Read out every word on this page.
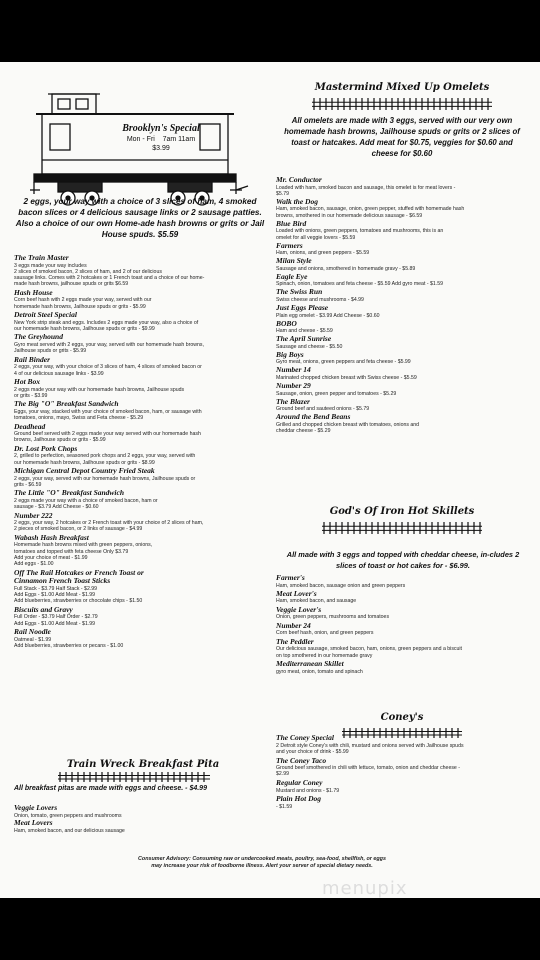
Brooklyn's Special
Mon - Fri    7am 11am
$3.99
2 eggs, your way with a choice of 3 slices of ham, 4 smoked bacon slices or 4 delicious sausage links or 2 sausage patties. Also a choice of our own Home-ade hash browns or grits or Jail House spuds. $5.59
The Train Master
3 eggs made your way includes
2 slices of smoked bacon, 2 slices of ham, and 2 of our delicious
sausage links. Comes with 2 hotcakes or 1 French toast and a choice of our home-
made hash browns, jailhouse spuds or grits $6.59
Hash House
Corn beef hash with 2 eggs made your way, served with our
homemade hash browns, Jailhouse spuds or grits - $5.99
Detroit Steel Special
New York strip steak and eggs. Includes 2 eggs made your way, also a choice of
our homemade hash browns, Jailhouse spuds or grits - $9.99
The Greyhound
Gyro meat served with 2 eggs, your way, served with our homemade hash browns,
Jailhouse spuds or grits - $5.99
Rail Binder
2 eggs, your way, with your choice of 3 slices of ham, 4 slices of smoked bacon or
4 of our delicious sausage links - $3.99
Hot Box
2 eggs made your way with our homemade hash browns, Jailhouse spuds
or grits - $3.99
The Big "O" Breakfast Sandwich
Eggs, your way, stacked with your choice of smoked bacon, ham, or sausage with
tomatoes, onions, mayo, Swiss and Feta cheese - $5.29
Deadhead
Ground beef served with 2 eggs made your way served with our homemade hash
browns, Jailhouse spuds or grits - $5.99
Dr. Lost Pork Chops
2, grilled to perfection, seasoned pork chops and 2 eggs, your way, served with
our homemade hash browns, Jailhouse spuds or grits - $8.99
Michigan Central Depot Country Fried Steak
2 eggs, your way, served with our homemade hash browns, Jailhouse spuds or
grits - $6.59
The Little "O" Breakfast Sandwich
2 eggs made your way with a choice of smoked bacon, ham or
sausage - $3.79 Add Cheese - $0.60
Number 222
2 eggs, your way, 2 hotcakes or 2 French toast with your choice of 2 slices of ham,
2 pieces of smoked bacon, or 2 links of sausage - $4.99
Wabash Hash Breakfast
Homemade hash browns mixed with green peppers, onions,
tomatoes and topped with feta cheese Only $3.79
Add your choice of meat - $1.99
Add eggs - $1.00
Off The Rail Hotcakes or French Toast or
Cinnamon French Toast Sticks
Full Stack - $3.79 Half Stack - $2.99
Add Eggs - $1.00 Add Meat - $1.99
Add blueberries, strawberries or chocolate chips - $1.50
Biscuits and Gravy
Full Order - $3.79 Half Order - $2.79
Add Eggs - $1.00 Add Meat - $1.99
Rail Noodle
Oatmeal - $1.99
Add blueberries, strawberries or pecans - $1.00
Train Wreck Breakfast Pita
All breakfast pitas are made with eggs and cheese. - $4.99
Veggie Lovers
Onion, tomato, green peppers and mushrooms
Meat Lovers
Ham, smoked bacon, and our delicious sausage
Mastermind Mixed Up Omelets
All omelets are made with 3 eggs, served with our very own homemade hash browns, Jailhouse spuds or grits or 2 slices of toast or hatcakes. Add meat for $0.75, veggies for $0.60 and cheese for $0.60
Mr. Conductor
Loaded with ham, smoked bacon and sausage, this omelet is for meat lovers -
$5.79
Walk the Dog
Ham, smoked bacon, sausage, onion, green pepper, stuffed with homemade hash
browns, smothered in our homemade delicious sausage - $6.59
Blue Bird
Loaded with onions, green peppers, tomatoes and mushrooms, this is an
omelet for all veggie lovers - $5.59
Farmers
Ham, onions, and green peppers - $5.59
Milan Style
Sausage and onions, smothered in homemade gravy - $5.89
Eagle Eye
Spinach, onion, tomatoes and feta cheese - $5.59 Add gyro meat - $1.59
The Swiss Run
Swiss cheese and mushrooms - $4.99
Just Eggs Please
Plain egg omelet - $3.99 Add Cheese - $0.60
BOBO
Ham and cheese - $5.59
The April Sunrise
Sausage and cheese - $5.50
Big Boys
Gyro meat, onions, green peppers and feta cheese - $5.99
Number 14
Marinated chopped chicken breast with Swiss cheese - $5.59
Number 29
Sausage, onion, green pepper and tomatoes - $5.29
The Blazer
Ground beef and sauteed onions - $5.79
Around the Bend Beans
Grilled and chopped chicken breast with tomatoes, onions and
cheddar cheese - $5.29
God's Of Iron Hot Skillets
All made with 3 eggs and topped with cheddar cheese, in-cludes 2 slices of toast or hot cakes for - $6.99.
Farmer's
Ham, smoked bacon, sausage onion and green peppers
Meat Lover's
Ham, smoked bacon, and sausage
Veggie Lover's
Onion, green peppers, mushrooms and tomatoes
Number 24
Corn beef hash, onion, and green peppers
The Peddler
Our delicious sausage, smoked bacon, ham, onions, green peppers and a biscuit
on top smothered in our homemade gravy
Mediterranean Skillet
gyro meat, onion, tomato and spinach
Coney's
The Coney Special
2 Detroit style Coney's with chili, mustard and onions served with Jailhouse spuds
and your choice of drink - $5.99
The Coney Taco
Ground beef smothered in chili with lettuce, tomato, onion and cheddar cheese -
$2.99
Regular Coney
Mustard and onions - $1.79
Plain Hot Dog
- $1.59
Consumer Advisory: Consuming raw or undercooked meats, poultry, sea-food, shellfish, or eggs may increase your risk of foodborne illness. Alert your server of special dietary needs.
menupix
